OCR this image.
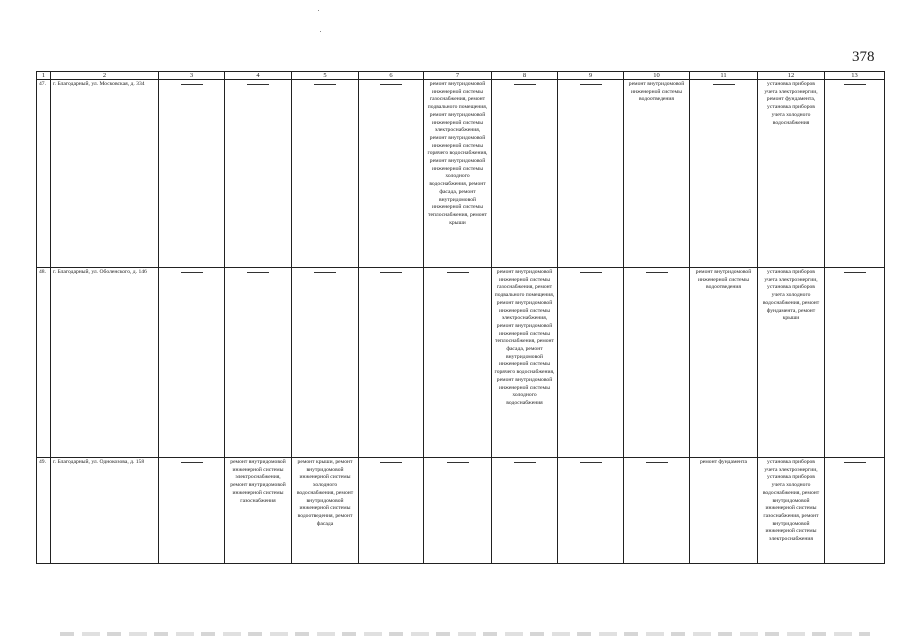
378
1	2	3	4	5	6	7	8	9	10	11	12	13
47.	г. Благодарный, ул. Московская, д. 334					ремонт внутридомовой инженерной системы газоснабжения, ремонт подвального помещения, ремонт внутридомовой инженерной системы электроснабжения, ремонт внутридомовой инженерной системы горячего водоснабжения, ремонт внутридомовой инженерной системы холодного водоснабжения, ремонт фасада, ремонт внутридомовой инженерной системы теплоснабжения, ремонт крыши			ремонт внутридомовой инженерной системы водоотведения		установка приборов учета электроэнергии, ремонт фундамента, установка приборов учета холодного водоснабжения	

48.	г. Благодарный, ул. Оболенского, д. 146						ремонт внутридомовой инженерной системы газоснабжения, ремонт подвального помещения, ремонт внутридомовой инженерной системы электроснабжения, ремонт внутридомовой инженерной системы теплоснабжения, ремонт фасада, ремонт внутридомовой инженерной системы горячего водоснабжения, ремонт внутридомовой инженерной системы холодного водоснабжения			ремонт внутридомовой инженерной системы водоотведения	установка приборов учета электроэнергии, установка приборов учета холодного водоснабжения, ремонт фундамента, ремонт крыши	

49.	г. Благодарный, ул. Однокозова, д. 158		ремонт внутридомовой инженерной системы электроснабжения, ремонт внутридомовой инженерной системы газоснабжения	ремонт крыши, ремонт внутридомовой инженерной системы холодного водоснабжения, ремонт внутридомовой инженерной системы водоотведения, ремонт фасада						ремонт фундамента	установка приборов учета электроэнергии, установка приборов учета холодного водоснабжения, ремонт внутридомовой инженерной системы газоснабжения, ремонт внутридомовой инженерной системы электроснабжения	
